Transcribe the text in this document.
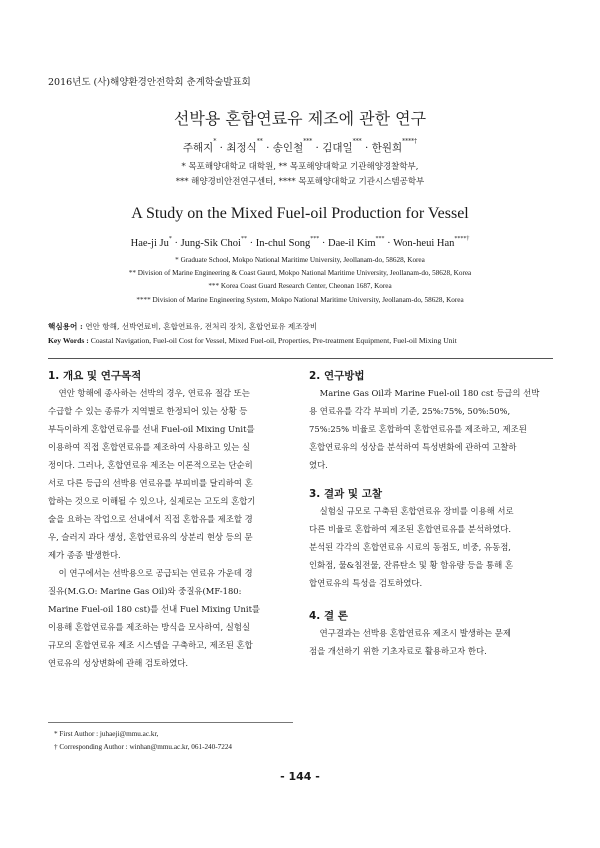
2016년도 (사)해양환경안전학회 춘계학술발표회
선박용 혼합연료유 제조에 관한 연구
주해지* · 최정식** · 송인철*** · 김대일*** · 한원희****†
* 목포해양대학교 대학원, ** 목포해양대학교 기관해양경찰학부,
*** 해양경비안전연구센터, **** 목포해양대학교 기관시스템공학부
A Study on the Mixed Fuel-oil Production for Vessel
Hae-ji Ju* · Jung-Sik Choi** · In-chul Song*** · Dae-il Kim*** · Won-heui Han****†
* Graduate School, Mokpo National Maritime University, Jeollanam-do, 58628, Korea
** Division of Marine Engineering & Coast Gaurd, Mokpo National Maritime University, Jeollanam-do, 58628, Korea
*** Korea Coast Guard Research Center, Cheonan 1687, Korea
**** Division of Marine Engineering System, Mokpo National Maritime University, Jeollanam-do, 58628, Korea
핵심용어 : 연안 항해, 선박연료비, 혼합연료유, 전처리 장치, 혼합연료유 제조장비
Key Words : Coastal Navigation, Fuel-oil Cost for Vessel, Mixed Fuel-oil, Properties, Pre-treatment Equipment, Fuel-oil Mixing Unit
1. 개요 및 연구목적
연안 항해에 종사하는 선박의 경우, 연료유 절감 또는
수급할 수 있는 종류가 지역별로 한정되어 있는 상황 등
부득이하게 혼합연료유를 선내 Fuel-oil Mixing Unit를
이용하여 직접 혼합연료유를 제조하여 사용하고 있는 실
정이다. 그러나, 혼합연료유 제조는 이론적으로는 단순히
서로 다른 등급의 선박용 연료유를 부피비를 달리하여 혼
합하는 것으로 이해될 수 있으나, 실제로는 고도의 혼합기
술을 요하는 작업으로 선내에서 직접 혼합유를 제조할 경
우, 슬러지 과다 생성, 혼합연료유의 상분리 현상 등의 문
제가 종종 발생한다.
이 연구에서는 선박용으로 공급되는 연료유 가운데 경
질유(M.G.O: Marine Gas Oil)와 중질유(MF-180:
Marine Fuel-oil 180 cst)를 선내 Fuel Mixing Unit를
이용해 혼합연료유를 제조하는 방식을 모사하여, 실험실
규모의 혼합연료유 제조 시스템을 구축하고, 제조된 혼합
연료유의 성상변화에 관해 검토하였다.
2. 연구방법
Marine Gas Oil과 Marine Fuel-oil 180 cst 등급의 선박
용 연료유를 각각 부피비 기준, 25%:75%, 50%:50%,
75%:25% 비율로 혼합하여 혼합연료유를 제조하고, 제조된
혼합연료유의 성상을 분석하여 특성변화에 관하여 고찰하
였다.
3. 결과 및 고찰
실험실 규모로 구축된 혼합연료유 장비를 이용해 서로
다른 비율로 혼합하여 제조된 혼합연료유를 분석하였다.
분석된 각각의 혼합연료유 시료의 동점도, 비중, 유동점,
인화점, 물&침전물, 잔류탄소 및 황 함유량 등을 통해 혼
합연료유의 특성을 검토하였다.
4. 결 론
연구결과는 선박용 혼합연료유 제조시 발생하는 문제
점을 개선하기 위한 기초자료로 활용하고자 한다.
* First Author : juhaeji@mmu.ac.kr,
† Corresponding Author : winhan@mmu.ac.kr, 061-240-7224
- 144 -
